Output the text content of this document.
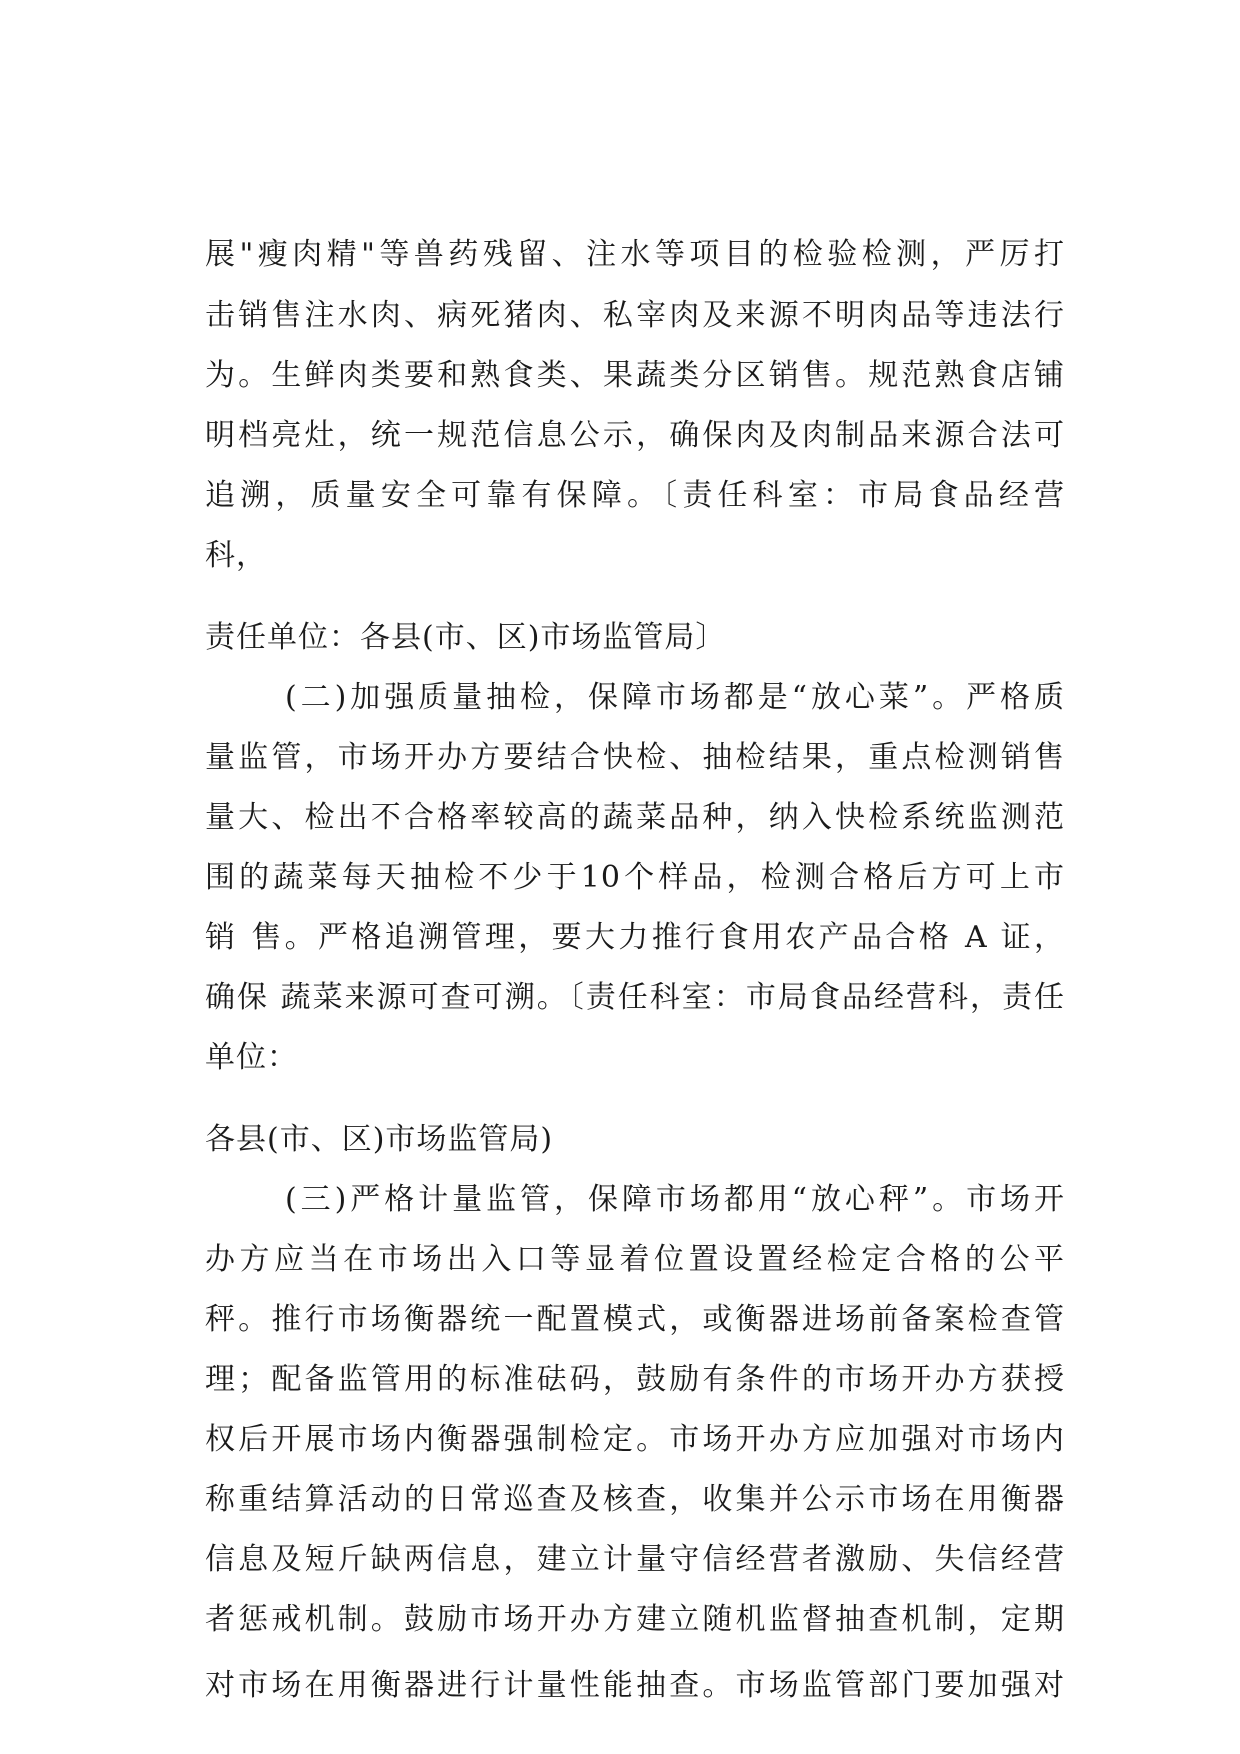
展"瘦肉精"等兽药残留、注水等项目的检验检测，严厉打
击销售注水肉、病死猪肉、私宰肉及来源不明肉品等违法行
为。生鲜肉类要和熟食类、果蔬类分区销售。规范熟食店铺
明档亮灶，统一规范信息公示，确保肉及肉制品来源合法可
追溯，质量安全可靠有保障。〔责任科室：市局食品经营
科，
责任单位：各县(市、区)市场监管局〕
(二)加强质量抽检，保障市场都是“放心菜”。严格质
量监管，市场开办方要结合快检、抽检结果，重点检测销售
量大、检出不合格率较高的蔬菜品种，纳入快检系统监测范
围的蔬菜每天抽检不少于10个样品，检测合格后方可上市
销 售。严格追溯管理，要大力推行食用农产品合格 A 证，
确保 蔬菜来源可查可溯。〔责任科室：市局食品经营科，责任
单位：
各县(市、区)市场监管局)
(三)严格计量监管，保障市场都用“放心秤”。市场开
办方应当在市场出入口等显着位置设置经检定合格的公平
秤。推行市场衡器统一配置模式，或衡器进场前备案检查管
理；配备监管用的标准砝码，鼓励有条件的市场开办方获授
权后开展市场内衡器强制检定。市场开办方应加强对市场内
称重结算活动的日常巡查及核查，收集并公示市场在用衡器
信息及短斤缺两信息，建立计量守信经营者激励、失信经营
者惩戒机制。鼓励市场开办方建立随机监督抽查机制，定期
对市场在用衡器进行计量性能抽查。市场监管部门要加强对
